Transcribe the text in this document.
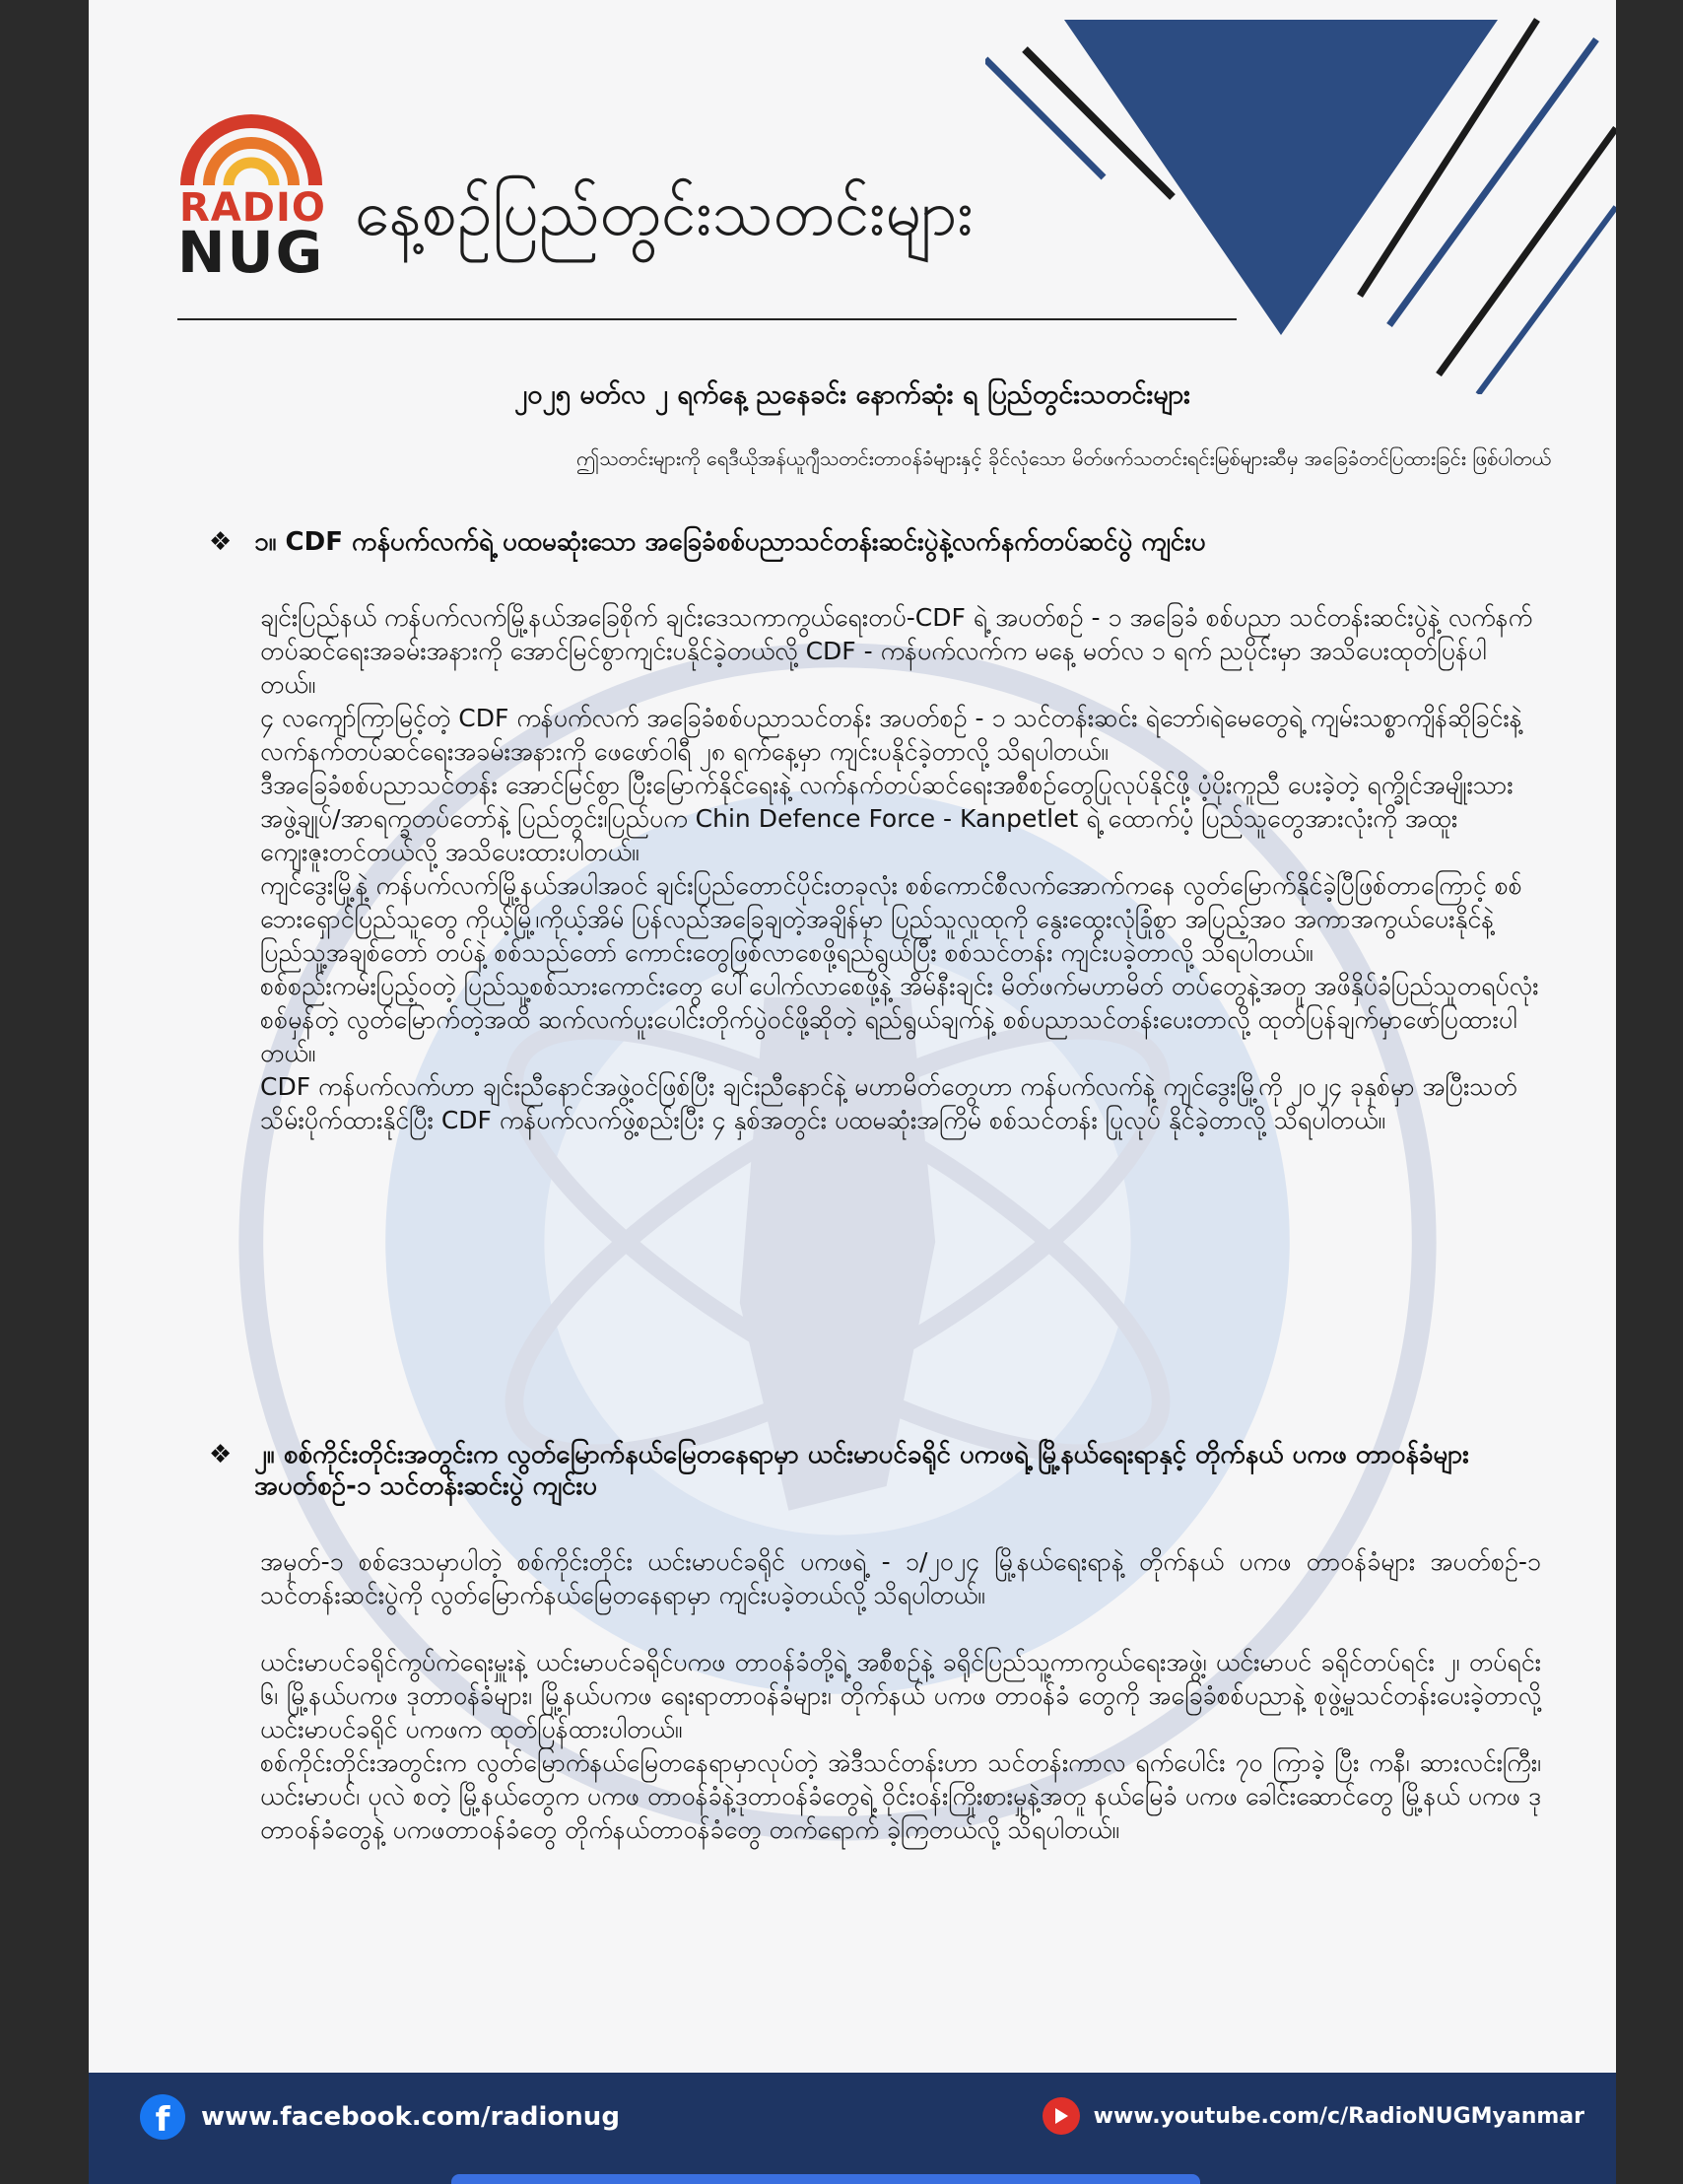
RADIO
NUG
နေ့စဉ်ပြည်တွင်းသတင်းများ
၂၀၂၅ မတ်လ ၂ ရက်နေ့ ညနေခင်း နောက်ဆုံး ရ ပြည်တွင်းသတင်းများ
ဤသတင်းများကို ရေဒီယိုအန်ယူဂျီသတင်းတာဝန်ခံများနှင့် ခိုင်လုံသော မိတ်ဖက်သတင်းရင်းမြစ်များဆီမှ အခြေခံတင်ပြထားခြင်း ဖြစ်ပါတယ်
❖ ၁။ CDF ကန်ပက်လက်ရဲ့ ပထမဆုံးသော အခြေခံစစ်ပညာသင်တန်းဆင်းပွဲနဲ့လက်နက်တပ်ဆင်ပွဲ ကျင်းပ

ချင်းပြည်နယ် ကန်ပက်လက်မြို့နယ်အခြေစိုက် ချင်းဒေသကာကွယ်ရေးတပ်-CDF ရဲ့ အပတ်စဉ် - ၁ အခြေခံ စစ်ပညာ သင်တန်းဆင်းပွဲနဲ့ လက်နက်တပ်ဆင်ရေးအခမ်းအနားကို အောင်မြင်စွာကျင်းပနိုင်ခဲ့တယ်လို့ CDF - ကန်ပက်လက်က မနေ့ မတ်လ ၁ ရက် ညပိုင်းမှာ အသိပေးထုတ်ပြန်ပါတယ်။

၄ လကျော်ကြာမြင့်တဲ့ CDF ကန်ပက်လက် အခြေခံစစ်ပညာသင်တန်း အပတ်စဉ် - ၁ သင်တန်းဆင်း ရဲဘော်၊ရဲမေတွေရဲ့ ကျမ်းသစ္စာကျိန်ဆိုခြင်းနဲ့ လက်နက်တပ်ဆင်ရေးအခမ်းအနားကို ဖေဖော်ဝါရီ ၂၈ ရက်နေ့မှာ ကျင်းပနိုင်ခဲ့တာလို့ သိရပါတယ်။

ဒီအခြေခံစစ်ပညာသင်တန်း အောင်မြင်စွာ ပြီးမြောက်နိုင်ရေးနဲ့ လက်နက်တပ်ဆင်ရေးအစီစဉ်တွေပြုလုပ်နိုင်ဖို့ ပံ့ပိုးကူညီ ပေးခဲ့တဲ့ ရက္ခိုင်အမျိုးသားအဖွဲ့ချုပ်/အာရက္ခတပ်တော်နဲ့ ပြည်တွင်း၊ပြည်ပက Chin Defence Force - Kanpetlet ရဲ့ ထောက်ပံ့ ပြည်သူတွေအားလုံးကို အထူးကျေးဇူးတင်တယ်လို့ အသိပေးထားပါတယ်။

ကျင်ဒွေးမြို့နဲ့ ကန်ပက်လက်မြို့နယ်အပါအဝင် ချင်းပြည်တောင်ပိုင်းတခုလုံး စစ်ကောင်စီလက်အောက်ကနေ လွတ်မြောက်နိုင်ခဲ့ပြီဖြစ်တာကြောင့် စစ်ဘေးရှောင်ပြည်သူတွေ ကိုယ့်မြို့၊ကိုယ့်အိမ် ပြန်လည်အခြေချတဲ့အချိန်မှာ ပြည်သူလူထုကို နွေးထွေးလုံခြုံစွာ အပြည့်အဝ အကာအကွယ်ပေးနိုင်နဲ့ ပြည်သူ့အချစ်တော် တပ်နဲ့ စစ်သည်တော် ကောင်းတွေဖြစ်လာစေဖို့ရည်ရွယ်ပြီး စစ်သင်တန်း ကျင်းပခဲ့တာလို့ သိရပါတယ်။

စစ်စည်းကမ်းပြည့်ဝတဲ့ ပြည်သူ့စစ်သားကောင်းတွေ ပေါ်ပေါက်လာစေဖို့နဲ့ အိမ်နီးချင်း မိတ်ဖက်မဟာမိတ် တပ်တွေနဲ့အတူ အဖိနှိပ်ခံပြည်သူတရပ်လုံး စစ်မှန်တဲ့ လွတ်မြောက်တဲ့အထိ ဆက်လက်ပူးပေါင်းတိုက်ပွဲဝင်ဖို့ဆိုတဲ့ ရည်ရွယ်ချက်နဲ့ စစ်ပညာသင်တန်းပေးတာလို့ ထုတ်ပြန်ချက်မှာဖော်ပြထားပါတယ်။

CDF ကန်ပက်လက်ဟာ ချင်းညီနောင်အဖွဲ့ဝင်ဖြစ်ပြီး ချင်းညီနောင်နဲ့ မဟာမိတ်တွေဟာ ကန်ပက်လက်နဲ့ ကျင်ဒွေးမြို့ကို ၂၀၂၄ ခုနှစ်မှာ အပြီးသတ်သိမ်းပိုက်ထားနိုင်ပြီး CDF ကန်ပက်လက်ဖွဲ့စည်းပြီး ၄ နှစ်အတွင်း ပထမဆုံးအကြိမ် စစ်သင်တန်း ပြုလုပ် နိုင်ခဲ့တာလို့ သိရပါတယ်။

❖ ၂။ စစ်ကိုင်းတိုင်းအတွင်းက လွတ်မြောက်နယ်မြေတနေရာမှာ ယင်းမာပင်ခရိုင် ပကဖရဲ့ မြို့နယ်ရေးရာနှင့် တိုက်နယ် ပကဖ တာဝန်ခံများ အပတ်စဉ်-၁ သင်တန်းဆင်းပွဲ ကျင်းပ

အမှတ်-၁ စစ်ဒေသမှာပါတဲ့ စစ်ကိုင်းတိုင်း ယင်းမာပင်ခရိုင် ပကဖရဲ့ - ၁/၂၀၂၄ မြို့နယ်ရေးရာနဲ့ တိုက်နယ် ပကဖ တာဝန်ခံများ အပတ်စဉ်-၁ သင်တန်းဆင်းပွဲကို လွတ်မြောက်နယ်မြေတနေရာမှာ ကျင်းပခဲ့တယ်လို့ သိရပါတယ်။

ယင်းမာပင်ခရိုင်ကွပ်ကဲရေးမှူးနဲ့ ယင်းမာပင်ခရိုင်ပကဖ တာဝန်ခံတို့ရဲ့ အစီစဉ်နဲ့ ခရိုင်ပြည်သူ့ကာကွယ်ရေးအဖွဲ့၊ ယင်းမာပင် ခရိုင်တပ်ရင်း ၂၊ တပ်ရင်း ၆၊ မြို့နယ်ပကဖ ဒုတာဝန်ခံများ၊ မြို့နယ်ပကဖ ရေးရာတာဝန်ခံများ၊ တိုက်နယ် ပကဖ တာဝန်ခံ တွေကို အခြေခံစစ်ပညာနဲ့ စုဖွဲ့မှုသင်တန်းပေးခဲ့တာလို့ ယင်းမာပင်ခရိုင် ပကဖက ထုတ်ပြန်ထားပါတယ်။

စစ်ကိုင်းတိုင်းအတွင်းက လွတ်မြောက်နယ်မြေတနေရာမှာလုပ်တဲ့ အဲဒီသင်တန်းဟာ သင်တန်းကာလ ရက်ပေါင်း ၇၀ ကြာခဲ့ ပြီး ကနီ၊ ဆားလင်းကြီး၊ ယင်းမာပင်၊ ပုလဲ စတဲ့ မြို့နယ်တွေက ပကဖ တာဝန်ခံနဲ့ဒုတာဝန်ခံတွေရဲ့ ဝိုင်းဝန်းကြိုးစားမှုနဲ့အတူ နယ်မြေခံ ပကဖ ခေါင်းဆောင်တွေ မြို့နယ် ပကဖ ဒုတာဝန်ခံတွေနဲ့ ပကဖတာဝန်ခံတွေ တိုက်နယ်တာဝန်ခံတွေ တက်ရောက် ခဲ့ကြတယ်လို့ သိရပါတယ်။

f	www.facebook.com/radionug	www.youtube.com/c/RadioNUGMyanmar
